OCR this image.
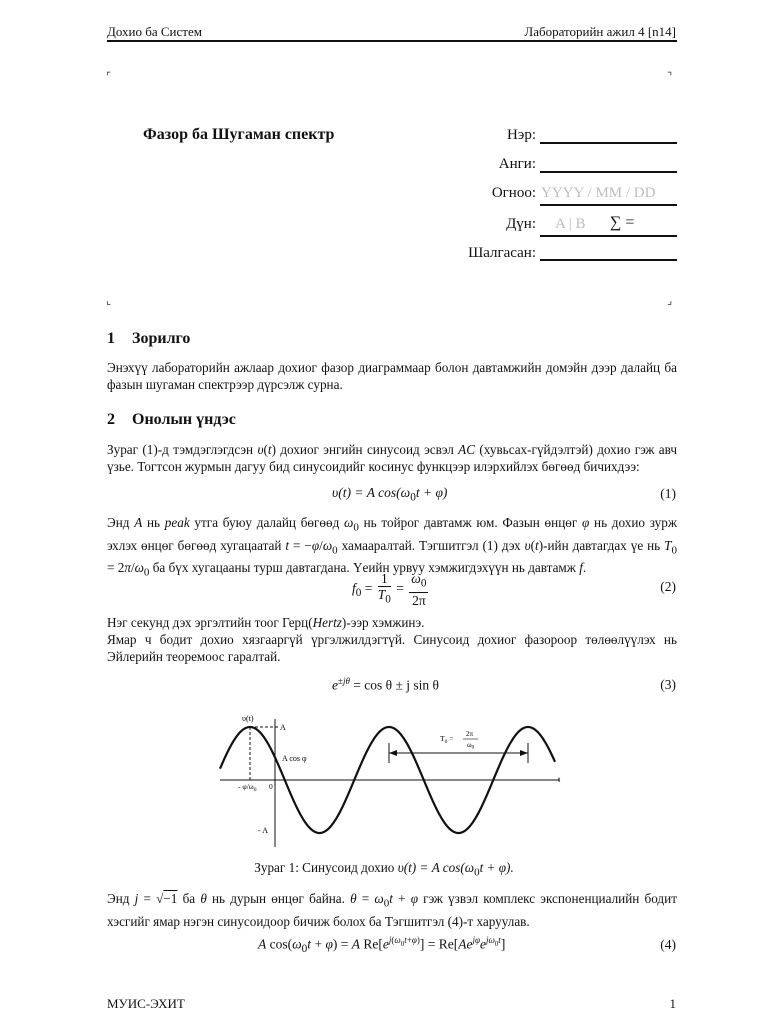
Дохио ба Систем	Лабораторийн ажил 4 [n14]
⌜	⌝
⌞	⌟
Фазор ба Шугаман спектр	Нэр:
Анги:
Огноо: YYYY / MM / DD
Дүн: A | B ∑ =
Шалгасан:
1 Зорилго
Энэхүү лабораторийн ажлаар дохиог фазор диаграммаар болон давтамжийн домэйн дээр далайц ба фазын шугаман спектрээр дүрсэлж сурна.
2 Онолын үндэс
Зураг (1)-д тэмдэглэгдсэн υ(t) дохиог энгийн синусоид эсвэл AC (хувьсах-гүйдэлтэй) дохио гэж авч үзье. Тогтсон журмын дагуу бид синусоидийг косинус функцээр илэрхийлэх бөгөөд бичихдээ:
υ(t) = A $\cos(\omega_0t + \varphi)$	(1)
Энд A нь peak утга буюу далайц бөгөөд $\omega_0$ нь тойрог давтамж юм. Фазын өнцөг φ нь дохио зурж эхлэх өнцөг бөгөөд хугацаатай $t = -\varphi/\omega_0$ хамааралтай. Тэгшитгэл (1) дэх υ(t)-ийн давтагдах үе нь $T_0 = 2\pi/\omega_0$ ба бүх хугацааны турш давтагдана. Үеийн урвуу хэмжигдэхүүн нь давтамж f.
$f_0 = \frac{1}{T_0} = \frac{\omega_0}{2\pi}$	(2)
Нэг секунд дэх эргэлтийн тоог Герц(Hertz)-ээр хэмжинэ.
Ямар ч бодит дохио хязгааргүй үргэлжилдэгтүй. Синусоид дохиог фазороор төлөөлүүлэх нь Эйлерийн теоремоос гаралтай.
$e^{\pm j\theta} = \cos \theta \pm j$ sin θ	(3)
υ(t)
A
A cos φ
t
- $\varphi/\omega_0$ 0
- A
$T_0 = 2\pi$
$\omega_0$
Зураг 1: Синусоид дохио υ(t) = A $\cos(\omega_0t + \varphi)$.
Энд j = √−1 ба θ нь дурын өнцөг байна. $\theta = \omega_0t + \varphi$ гэж үзвэл комплекс экспоненциалийн бодит хэсгийг ямар нэгэн синусоидоор бичиж болох ба Тэгшитгэл (4)-т харуулав.
A $\cos(\omega_0t + \varphi) = A$ $Re[e^{j(\omega_0t+\varphi)}] = Re[Ae^{j\varphi}e^{j\omega_0t}]$	(4)
МУИС-ЭХИТ	1
